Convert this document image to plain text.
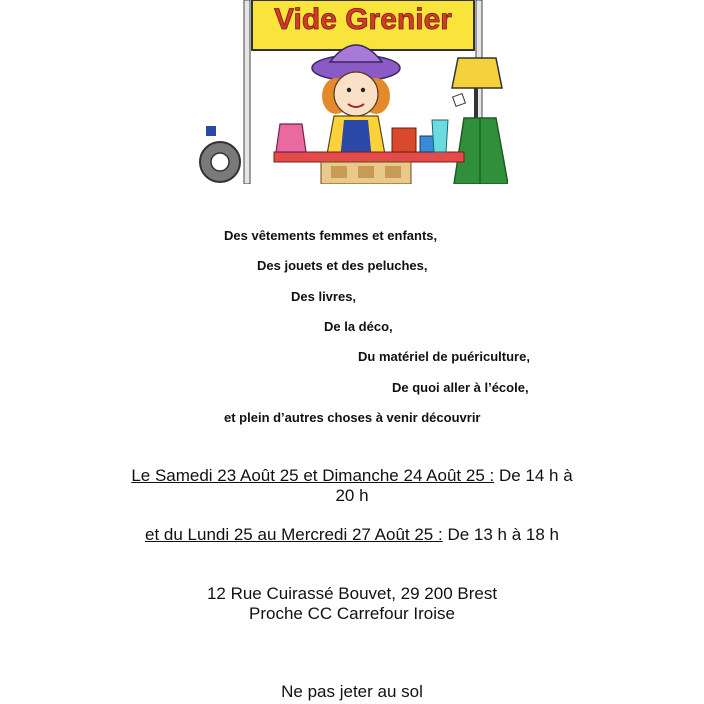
Vide Grenier
Des vêtements femmes et enfants,
Des jouets et des peluches,
Des livres,
De la déco,
Du matériel de puériculture,
De quoi aller à l’école,
et plein d’autres choses à venir découvrir
Le Samedi 23 Août 25 et Dimanche 24 Août 25 : De 14 h à
20 h
et du Lundi 25 au Mercredi 27 Août 25 : De 13 h à 18 h
12 Rue Cuirassé Bouvet, 29 200 Brest
Proche CC Carrefour Iroise
Ne pas jeter au sol
